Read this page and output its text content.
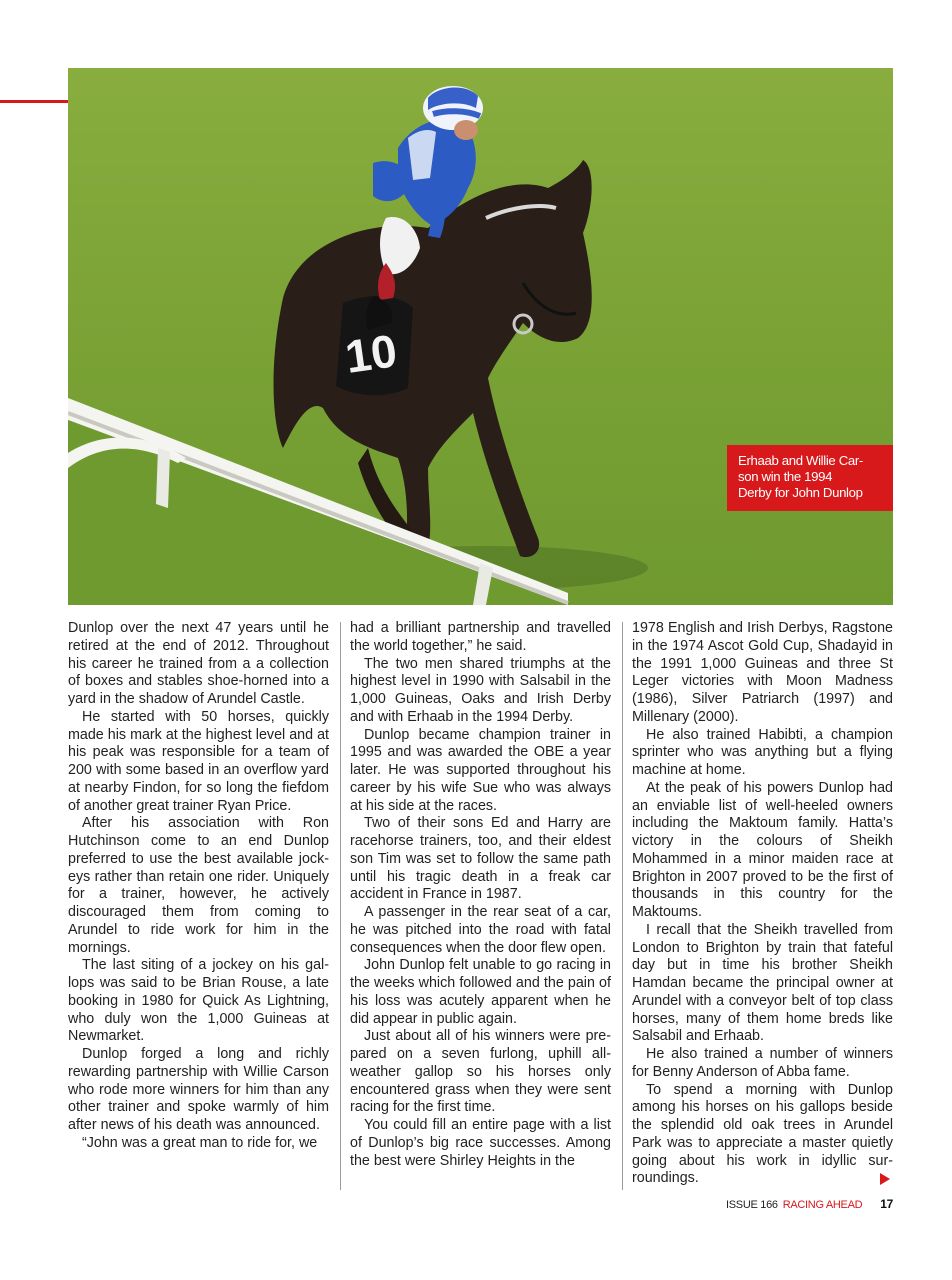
10
Erhaab and Willie Car-
son win the 1994
Derby for John Dunlop

Dunlop over the next 47 years until he retired at the end of 2012. Throughout his career he trained from a a collection of boxes and stables shoe-horned into a yard in the shadow of Arundel Castle.

He started with 50 horses, quickly made his mark at the highest level and at his peak was responsible for a team of 200 with some based in an overflow yard at nearby Findon, for so long the fiefdom of another great trainer Ryan Price.

After his association with Ron Hutchinson come to an end Dunlop preferred to use the best available jock-eys rather than retain one rider. Uniquely for a trainer, however, he actively discouraged them from coming to Arundel to ride work for him in the mornings.

The last siting of a jockey on his gal-lops was said to be Brian Rouse, a late booking in 1980 for Quick As Lightning, who duly won the 1,000 Guineas at Newmarket.

Dunlop forged a long and richly rewarding partnership with Willie Carson who rode more winners for him than any other trainer and spoke warmly of him after news of his death was announced.

“John was a great man to ride for, we

had a brilliant partnership and travelled the world together,” he said.

The two men shared triumphs at the highest level in 1990 with Salsabil in the 1,000 Guineas, Oaks and Irish Derby and with Erhaab in the 1994 Derby.

Dunlop became champion trainer in 1995 and was awarded the OBE a year later. He was supported throughout his career by his wife Sue who was always at his side at the races.

Two of their sons Ed and Harry are racehorse trainers, too, and their eldest son Tim was set to follow the same path until his tragic death in a freak car accident in France in 1987.

A passenger in the rear seat of a car, he was pitched into the road with fatal consequences when the door flew open.

John Dunlop felt unable to go racing in the weeks which followed and the pain of his loss was acutely apparent when he did appear in public again.

Just about all of his winners were pre-pared on a seven furlong, uphill all-weather gallop so his horses only encountered grass when they were sent racing for the first time.

You could fill an entire page with a list of Dunlop’s big race successes. Among the best were Shirley Heights in the

1978 English and Irish Derbys, Ragstone in the 1974 Ascot Gold Cup, Shadayid in the 1991 1,000 Guineas and three St Leger victories with Moon Madness (1986), Silver Patriarch (1997) and Millenary (2000).

He also trained Habibti, a champion sprinter who was anything but a flying machine at home.

At the peak of his powers Dunlop had an enviable list of well-heeled owners including the Maktoum family. Hatta’s victory in the colours of Sheikh Mohammed in a minor maiden race at Brighton in 2007 proved to be the first of thousands in this country for the Maktoums.

I recall that the Sheikh travelled from London to Brighton by train that fateful day but in time his brother Sheikh Hamdan became the principal owner at Arundel with a conveyor belt of top class horses, many of them home breds like Salsabil and Erhaab.

He also trained a number of winners for Benny Anderson of Abba fame.

To spend a morning with Dunlop among his horses on his gallops beside the splendid old oak trees in Arundel Park was to appreciate a master quietly going about his work in idyllic sur-roundings.

ISSUE 166 RACING AHEAD 17
